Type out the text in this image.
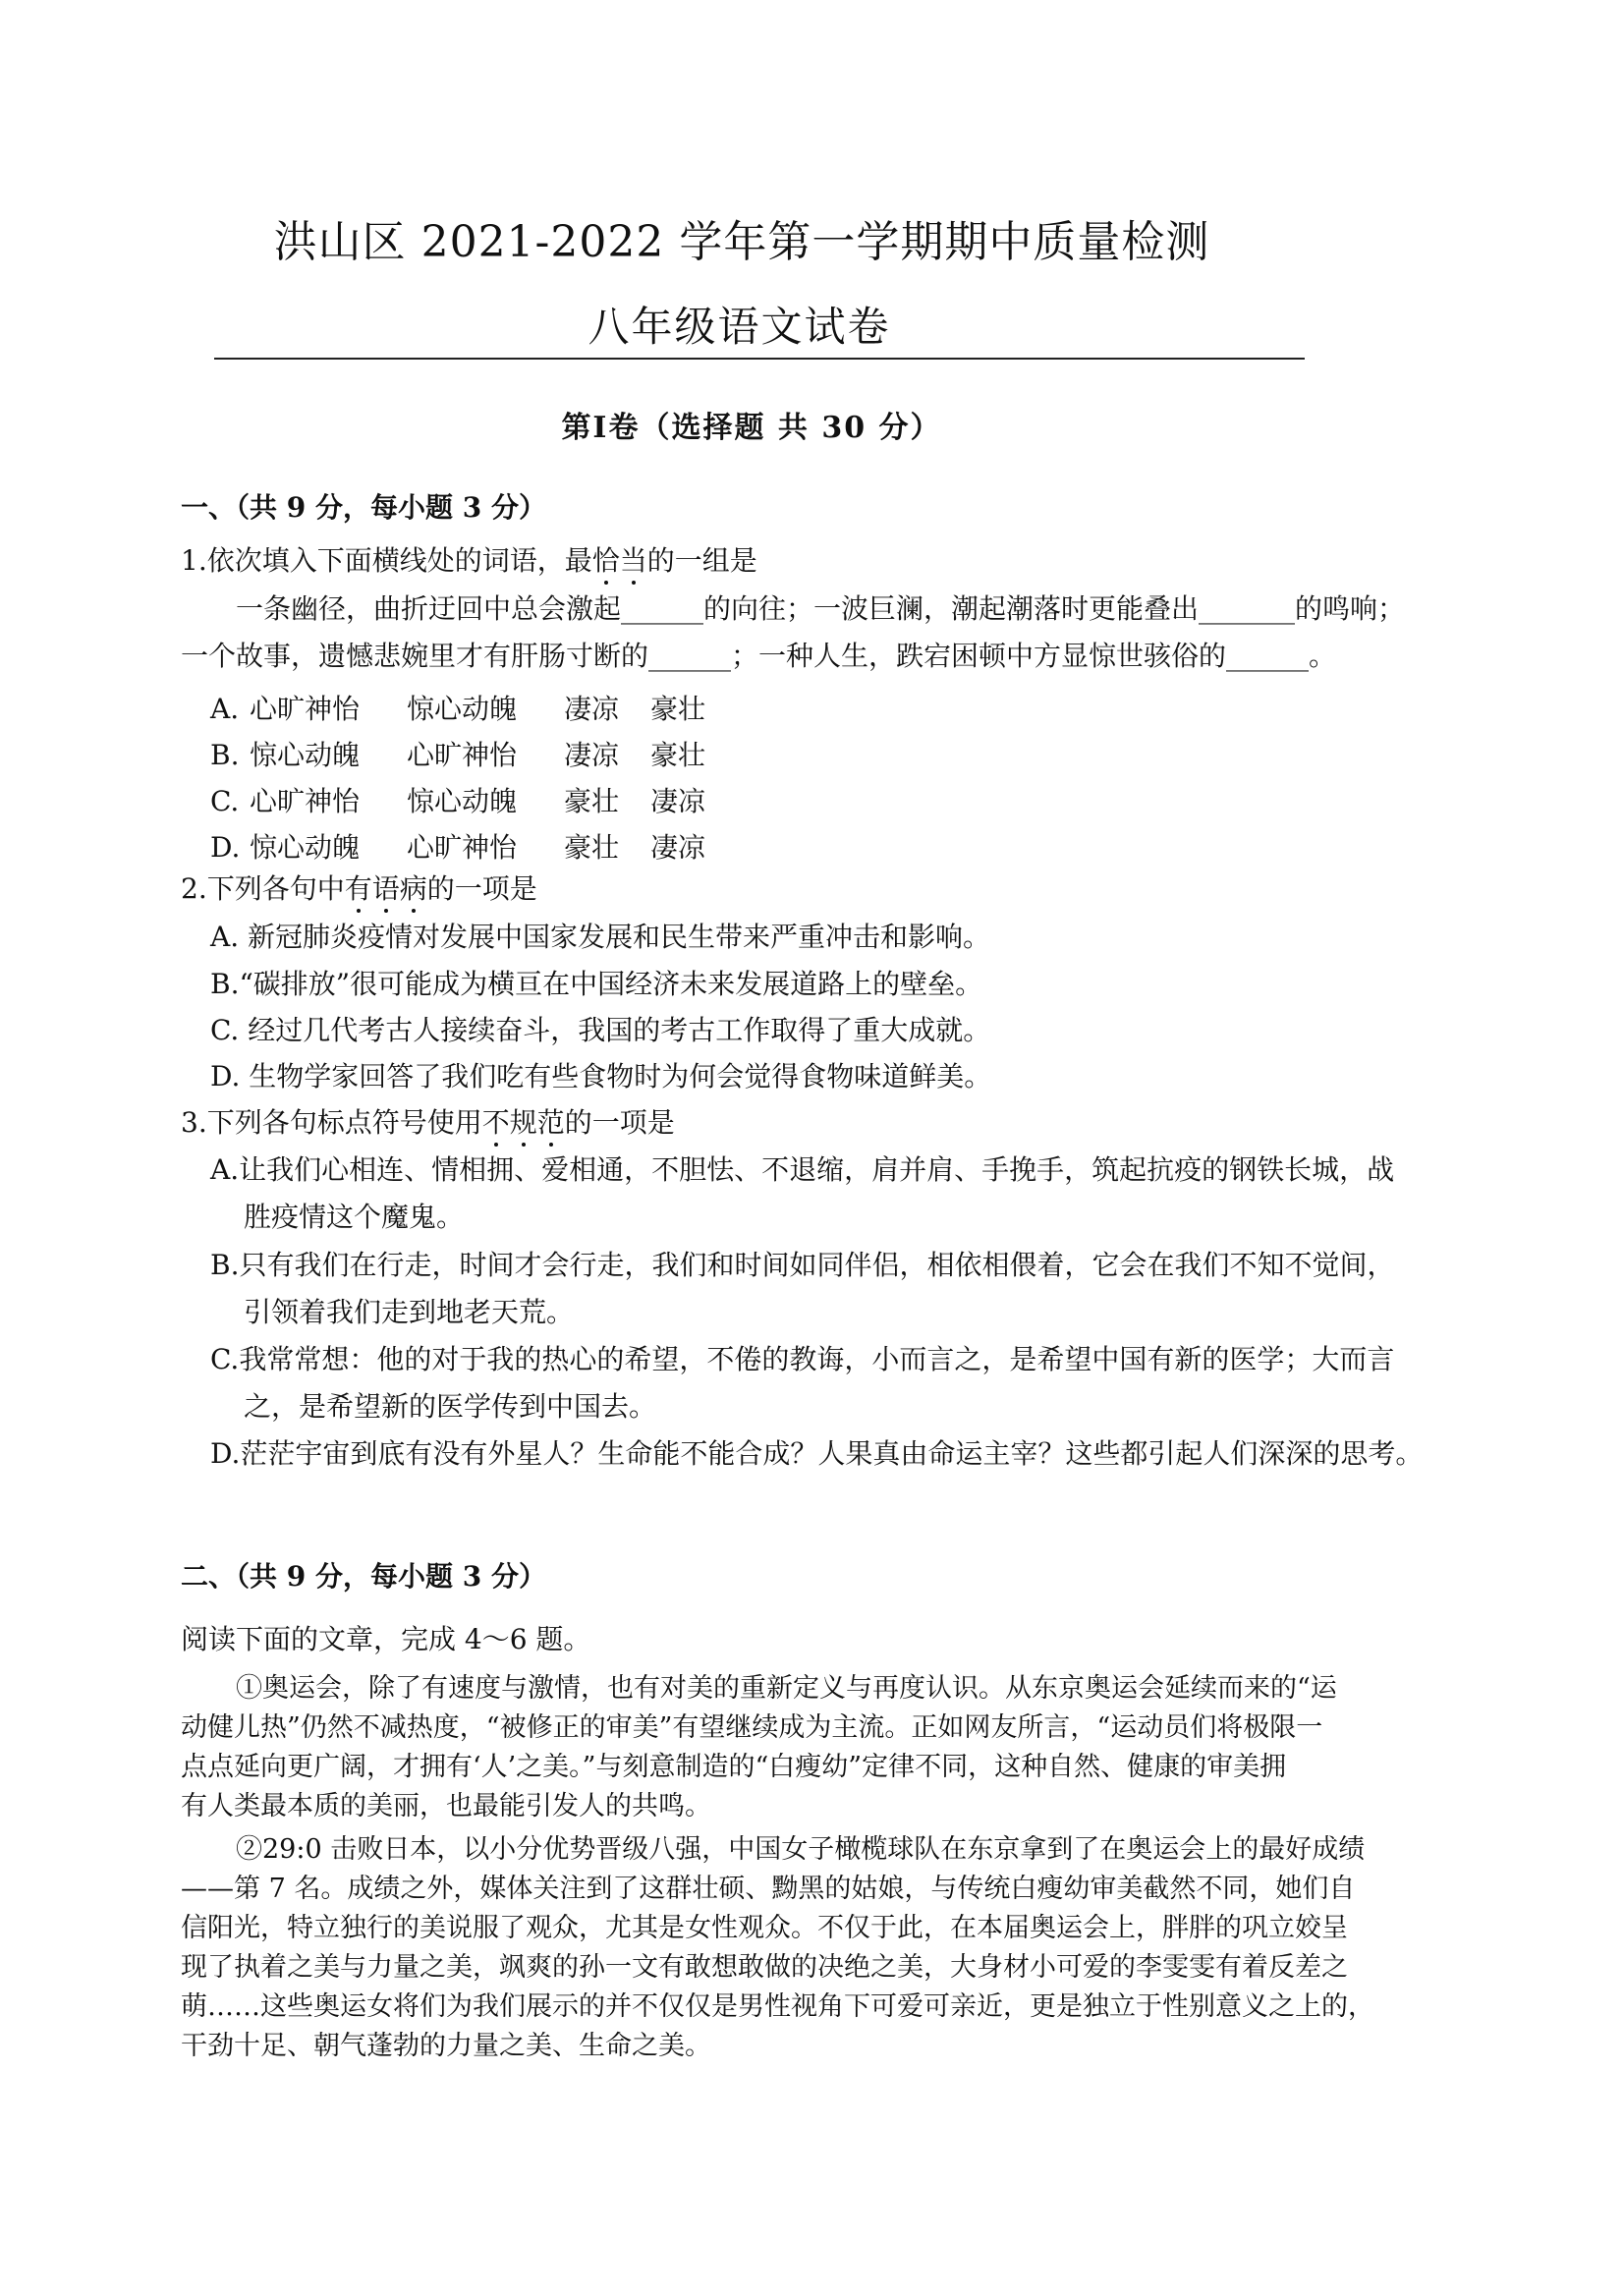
洪山区 2021-2022 学年第一学期期中质量检测
八年级语文试卷
第Ⅰ卷（选择题 共 30 分）
一、（共 9 分，每小题 3 分）
1.依次填入下面横线处的词语，最恰当的一组是
一条幽径，曲折迂回中总会激起______的向往；一波巨澜，潮起潮落时更能叠出_______的鸣响；
一个故事，遗憾悲婉里才有肝肠寸断的______；一种人生，跌宕困顿中方显惊世骇俗的______。
A. 心旷神怡 惊心动魄 凄凉 豪壮
B. 惊心动魄 心旷神怡 凄凉 豪壮
C. 心旷神怡 惊心动魄 豪壮 凄凉
D. 惊心动魄 心旷神怡 豪壮 凄凉
2.下列各句中有语病的一项是
A. 新冠肺炎疫情对发展中国家发展和民生带来严重冲击和影响。
B.“碳排放”很可能成为横亘在中国经济未来发展道路上的壁垒。
C. 经过几代考古人接续奋斗，我国的考古工作取得了重大成就。
D. 生物学家回答了我们吃有些食物时为何会觉得食物味道鲜美。
3.下列各句标点符号使用不规范的一项是
A.让我们心相连、情相拥、爱相通，不胆怯、不退缩，肩并肩、手挽手，筑起抗疫的钢铁长城，战
胜疫情这个魔鬼。
B.只有我们在行走，时间才会行走，我们和时间如同伴侣，相依相偎着，它会在我们不知不觉间，
引领着我们走到地老天荒。
C.我常常想：他的对于我的热心的希望，不倦的教诲，小而言之，是希望中国有新的医学；大而言
之，是希望新的医学传到中国去。
D.茫茫宇宙到底有没有外星人？生命能不能合成？人果真由命运主宰？这些都引起人们深深的思考。
二、（共 9 分，每小题 3 分）
阅读下面的文章，完成 4～6 题。
①奥运会，除了有速度与激情，也有对美的重新定义与再度认识。从东京奥运会延续而来的“运
动健儿热”仍然不减热度，“被修正的审美”有望继续成为主流。正如网友所言，“运动员们将极限一
点点延向更广阔，才拥有‘人’之美。”与刻意制造的“白瘦幼”定律不同，这种自然、健康的审美拥
有人类最本质的美丽，也最能引发人的共鸣。
②29:0 击败日本，以小分优势晋级八强，中国女子橄榄球队在东京拿到了在奥运会上的最好成绩
——第 7 名。成绩之外，媒体关注到了这群壮硕、黝黑的姑娘，与传统白瘦幼审美截然不同，她们自
信阳光，特立独行的美说服了观众，尤其是女性观众。不仅于此，在本届奥运会上，胖胖的巩立姣呈
现了执着之美与力量之美，飒爽的孙一文有敢想敢做的决绝之美，大身材小可爱的李雯雯有着反差之
萌……这些奥运女将们为我们展示的并不仅仅是男性视角下可爱可亲近，更是独立于性别意义之上的，
干劲十足、朝气蓬勃的力量之美、生命之美。
